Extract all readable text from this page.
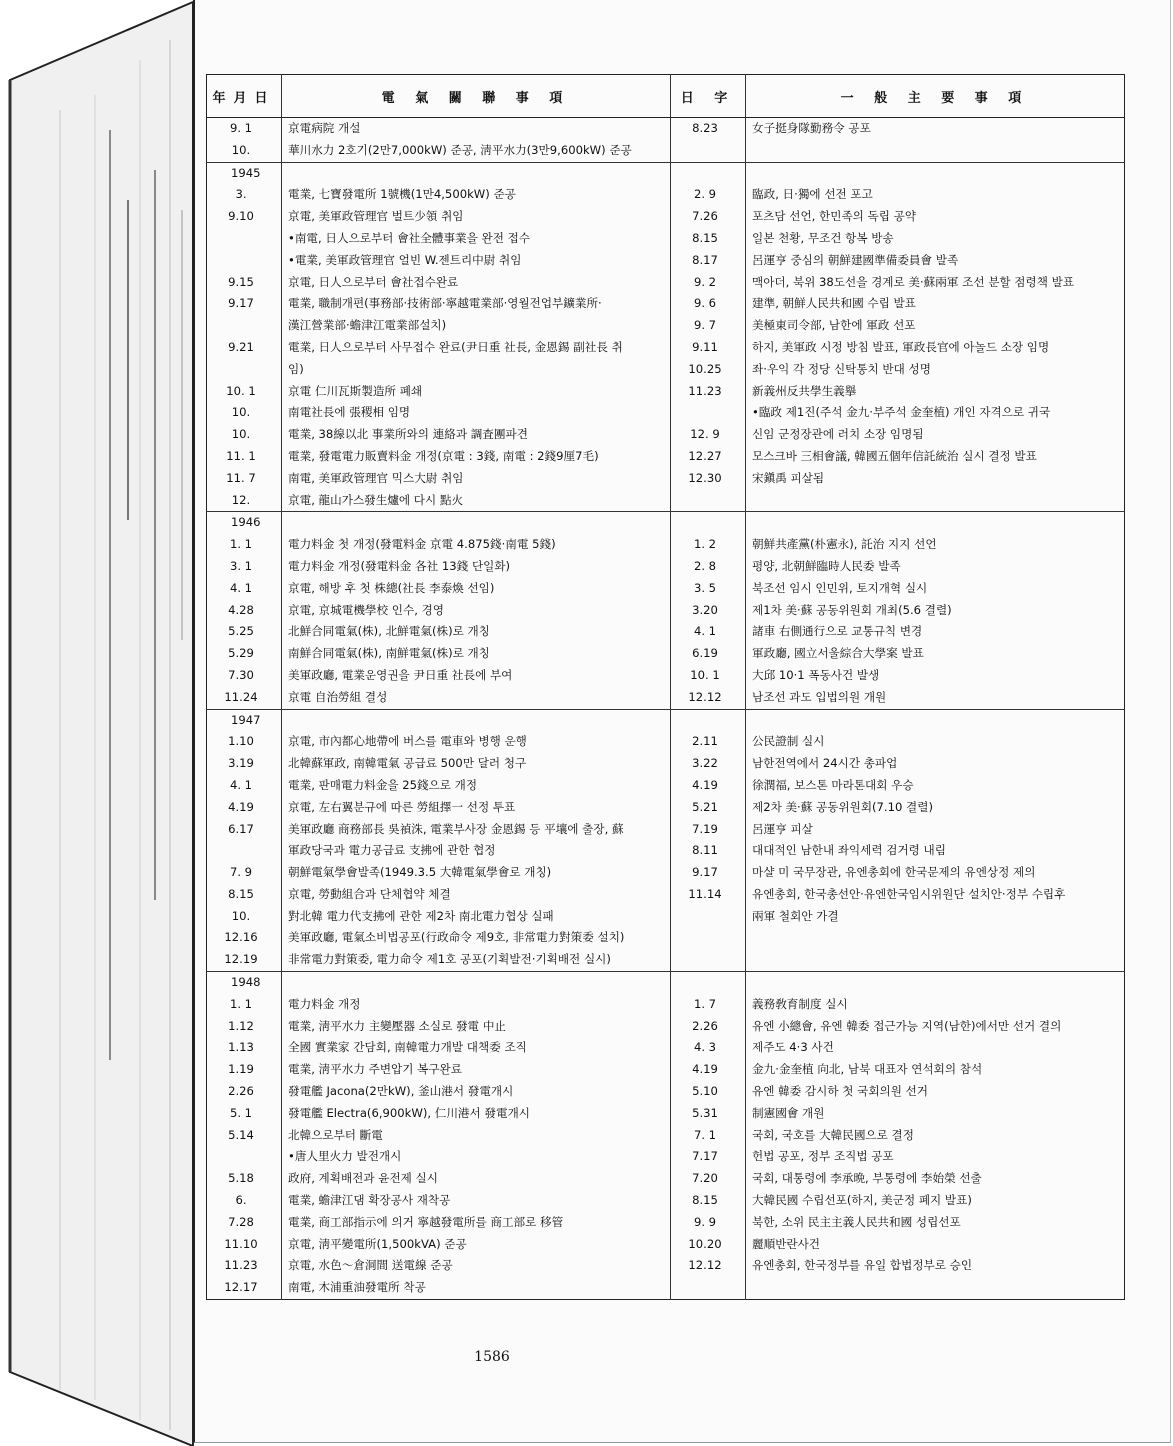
年月日	電 氣 關 聯 事 項	日 字	一 般 主 要 事 項
9. 1	京電病院 개설	8.23	女子挺身隊勤務令 공포
10.	華川水力 2호기(2만7,000kW) 준공, 淸平水力(3만9,600kW) 준공		
1945			
3.	電業, 七寶發電所 1號機(1만4,500kW) 준공	2. 9	臨政, 日·獨에 선전 포고
9.10	京電, 美軍政管理官 벌트少領 취임	7.26	포츠담 선언, 한민족의 독립 공약
	•南電, 日人으로부터 會社全體事業을 완전 접수	8.15	일본 천황, 무조건 항복 방송
	•電業, 美軍政管理官 얼빈 W.젠트리中尉 취임	8.17	呂運亨 중심의 朝鮮建國準備委員會 발족
9.15	京電, 日人으로부터 會社접수완료	9. 2	맥아더, 북위 38도선을 경계로 美·蘇兩軍 조선 분할 점령책 발표
9.17	電業, 職制개편(事務部·技術部·寧越電業部·영월전업부鑛業所·	9. 6	建準, 朝鮮人民共和國 수립 발표
	漢江營業部·蟾津江電業部설치)	9. 7	美極東司令部, 남한에 軍政 선포
9.21	電業, 日人으로부터 사무접수 완료(尹日重 社長, 金恩錫 副社長 취	9.11	하지, 美軍政 시정 방침 발표, 軍政長官에 아놀드 소장 임명
	임)	10.25	좌·우익 각 정당 신탁통치 반대 성명
10. 1	京電 仁川瓦斯製造所 폐쇄	11.23	新義州反共學生義擧
10.	南電社長에 張稷相 임명		•臨政 제1진(주석 金九·부주석 金奎植) 개인 자격으로 귀국
10.	電業, 38線以北 事業所와의 連絡과 調査團파견	12. 9	신임 군정장관에 러치 소장 임명됨
11. 1	電業, 發電電力販賣料金 개정(京電 : 3錢, 南電 : 2錢9厘7毛)	12.27	모스크바 三相會議, 韓國五個年信託統治 실시 결정 발표
11. 7	南電, 美軍政管理官 믹스大尉 취임	12.30	宋鎭禹 피살됨
12.	京電, 龍山가스發生爐에 다시 點火		
1946			
1. 1	電力料金 첫 개정(發電料金 京電 4.875錢·南電 5錢)	1. 2	朝鮮共產黨(朴憲永), 託治 지지 선언
3. 1	電力料金 개정(發電料金 各社 13錢 단일화)	2. 8	평양, 北朝鮮臨時人民委 발족
4. 1	京電, 해방 후 첫 株總(社長 李泰煥 선임)	3. 5	북조선 임시 인민위, 토지개혁 실시
4.28	京電, 京城電機學校 인수, 경영	3.20	제1차 美·蘇 공동위원회 개최(5.6 결렬)
5.25	北鮮合同電氣(株), 北鮮電氣(株)로 개칭	4. 1	諸車 右側通行으로 교통규칙 변경
5.29	南鮮合同電氣(株), 南鮮電氣(株)로 개칭	6.19	軍政廳, 國立서울綜合大學案 발표
7.30	美軍政廳, 電業운영권을 尹日重 社長에 부여	10. 1	大邱 10·1 폭동사건 발생
11.24	京電 自治勞組 결성	12.12	남조선 과도 입법의원 개원
1947			
1.10	京電, 市內都心地帶에 버스를 電車와 병행 운행	2.11	公民證制 실시
3.19	北韓蘇軍政, 南韓電氣 공급료 500만 달러 청구	3.22	남한전역에서 24시간 총파업
4. 1	電業, 판매電力料金을 25錢으로 개정	4.19	徐潤福, 보스톤 마라톤대회 우승
4.19	京電, 左右翼분규에 따른 勞組擇一 선정 투표	5.21	제2차 美·蘇 공동위원회(7.10 결렬)
6.17	美軍政廳 商務部長 吳禎洙, 電業부사장 金恩錫 등 平壤에 출장, 蘇	7.19	呂運亨 피살
	軍政당국과 電力공급료 支拂에 관한 협정	8.11	대대적인 남한내 좌익세력 검거령 내림
7. 9	朝鮮電氣學會발족(1949.3.5 大韓電氣學會로 개칭)	9.17	마샬 미 국무장관, 유엔총회에 한국문제의 유엔상정 제의
8.15	京電, 勞動組合과 단체협약 체결	11.14	유엔총회, 한국총선안·유엔한국임시위원단 설치안·정부 수립후
10.	對北韓 電力代支拂에 관한 제2차 南北電力협상 실패		兩軍 철회안 가결
12.16	美軍政廳, 電氣소비법공포(行政命令 제9호, 非常電力對策委 설치)		
12.19	非常電力對策委, 電力命令 제1호 공포(기획발전·기획배전 실시)		
1948			
1. 1	電力料金 개정	1. 7	義務敎育制度 실시
1.12	電業, 淸平水力 主變壓器 소실로 發電 中止	2.26	유엔 小總會, 유엔 韓委 접근가능 지역(남한)에서만 선거 결의
1.13	全國 實業家 간담회, 南韓電力개발 대책委 조직	4. 3	제주도 4·3 사건
1.19	電業, 淸平水力 주변압기 복구완료	4.19	金九·金奎植 向北, 남북 대표자 연석회의 참석
2.26	發電艦 Jacona(2만kW), 釜山港서 發電개시	5.10	유엔 韓委 감시하 첫 국회의원 선거
5. 1	發電艦 Electra(6,900kW), 仁川港서 發電개시	5.31	制憲國會 개원
5.14	北韓으로부터 斷電	7. 1	국회, 국호를 大韓民國으로 결정
	•唐人里火力 발전개시	7.17	헌법 공포, 정부 조직법 공포
5.18	政府, 계획배전과 윤전제 실시	7.20	국회, 대통령에 李承晩, 부통령에 李始榮 선출
6.	電業, 蟾津江댐 확장공사 재착공	8.15	大韓民國 수립선포(하지, 美군정 폐지 발표)
7.28	電業, 商工部指示에 의거 寧越發電所를 商工部로 移管	9. 9	북한, 소위 民主主義人民共和國 성립선포
11.10	京電, 淸平變電所(1,500kVA) 준공	10.20	麗順반란사건
11.23	京電, 水色～倉洞間 送電線 준공	12.12	유엔총회, 한국정부를 유일 합법정부로 승인
12.17	南電, 木浦重油發電所 착공		
1586
